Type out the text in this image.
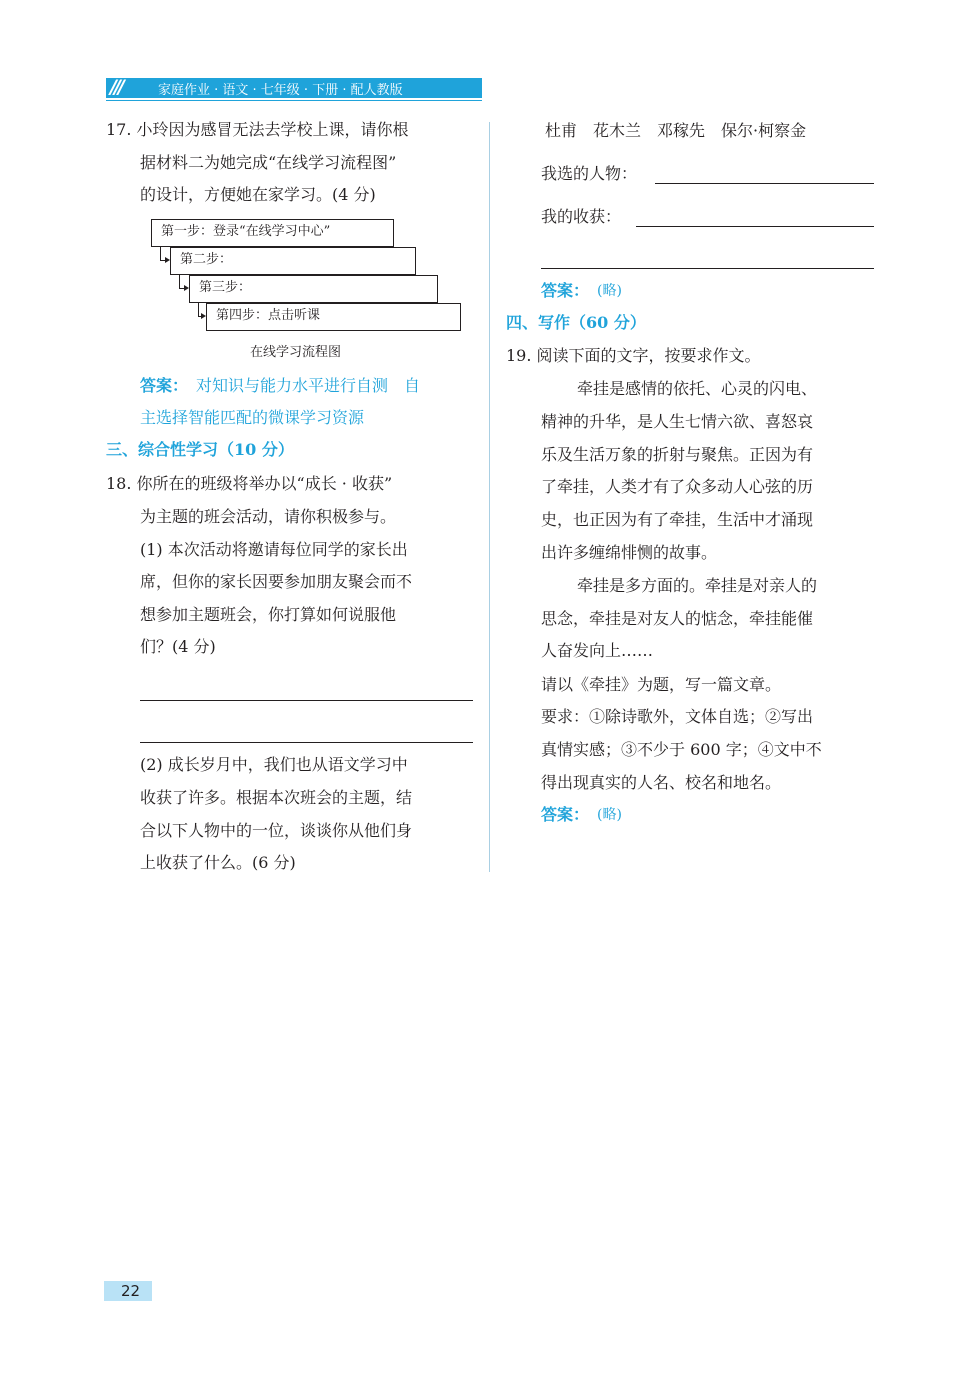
///	家庭作业 · 语文 · 七年级 · 下册 · 配人教版
17. 小玲因为感冒无法去学校上课，请你根
据材料二为她完成“在线学习流程图”
的设计，方便她在家学习。(4 分)
第四步：点击听课
第三步：
第二步：
第一步：登录“在线学习中心”
在线学习流程图
答案： 对知识与能力水平进行自测　自
主选择智能匹配的微课学习资源
三、综合性学习（10 分）
18. 你所在的班级将举办以“成长 · 收获”
为主题的班会活动，请你积极参与。
(1) 本次活动将邀请每位同学的家长出
席，但你的家长因要参加朋友聚会而不
想参加主题班会，你打算如何说服他
们？(4 分)
(2) 成长岁月中，我们也从语文学习中
收获了许多。根据本次班会的主题，结
合以下人物中的一位，谈谈你从他们身
上收获了什么。(6 分)
杜甫　花木兰　邓稼先　保尔·柯察金
我选的人物：
我的收获：
答案： (略)
四、写作（60 分）
19. 阅读下面的文字，按要求作文。
牵挂是感情的依托、心灵的闪电、
精神的升华，是人生七情六欲、喜怒哀
乐及生活万象的折射与聚焦。正因为有
了牵挂，人类才有了众多动人心弦的历
史，也正因为有了牵挂，生活中才涌现
出许多缠绵悱恻的故事。
牵挂是多方面的。牵挂是对亲人的
思念，牵挂是对友人的惦念，牵挂能催
人奋发向上……
请以《牵挂》为题，写一篇文章。
要求：①除诗歌外，文体自选；②写出
真情实感；③不少于 600 字；④文中不
得出现真实的人名、校名和地名。
答案： (略)
22
